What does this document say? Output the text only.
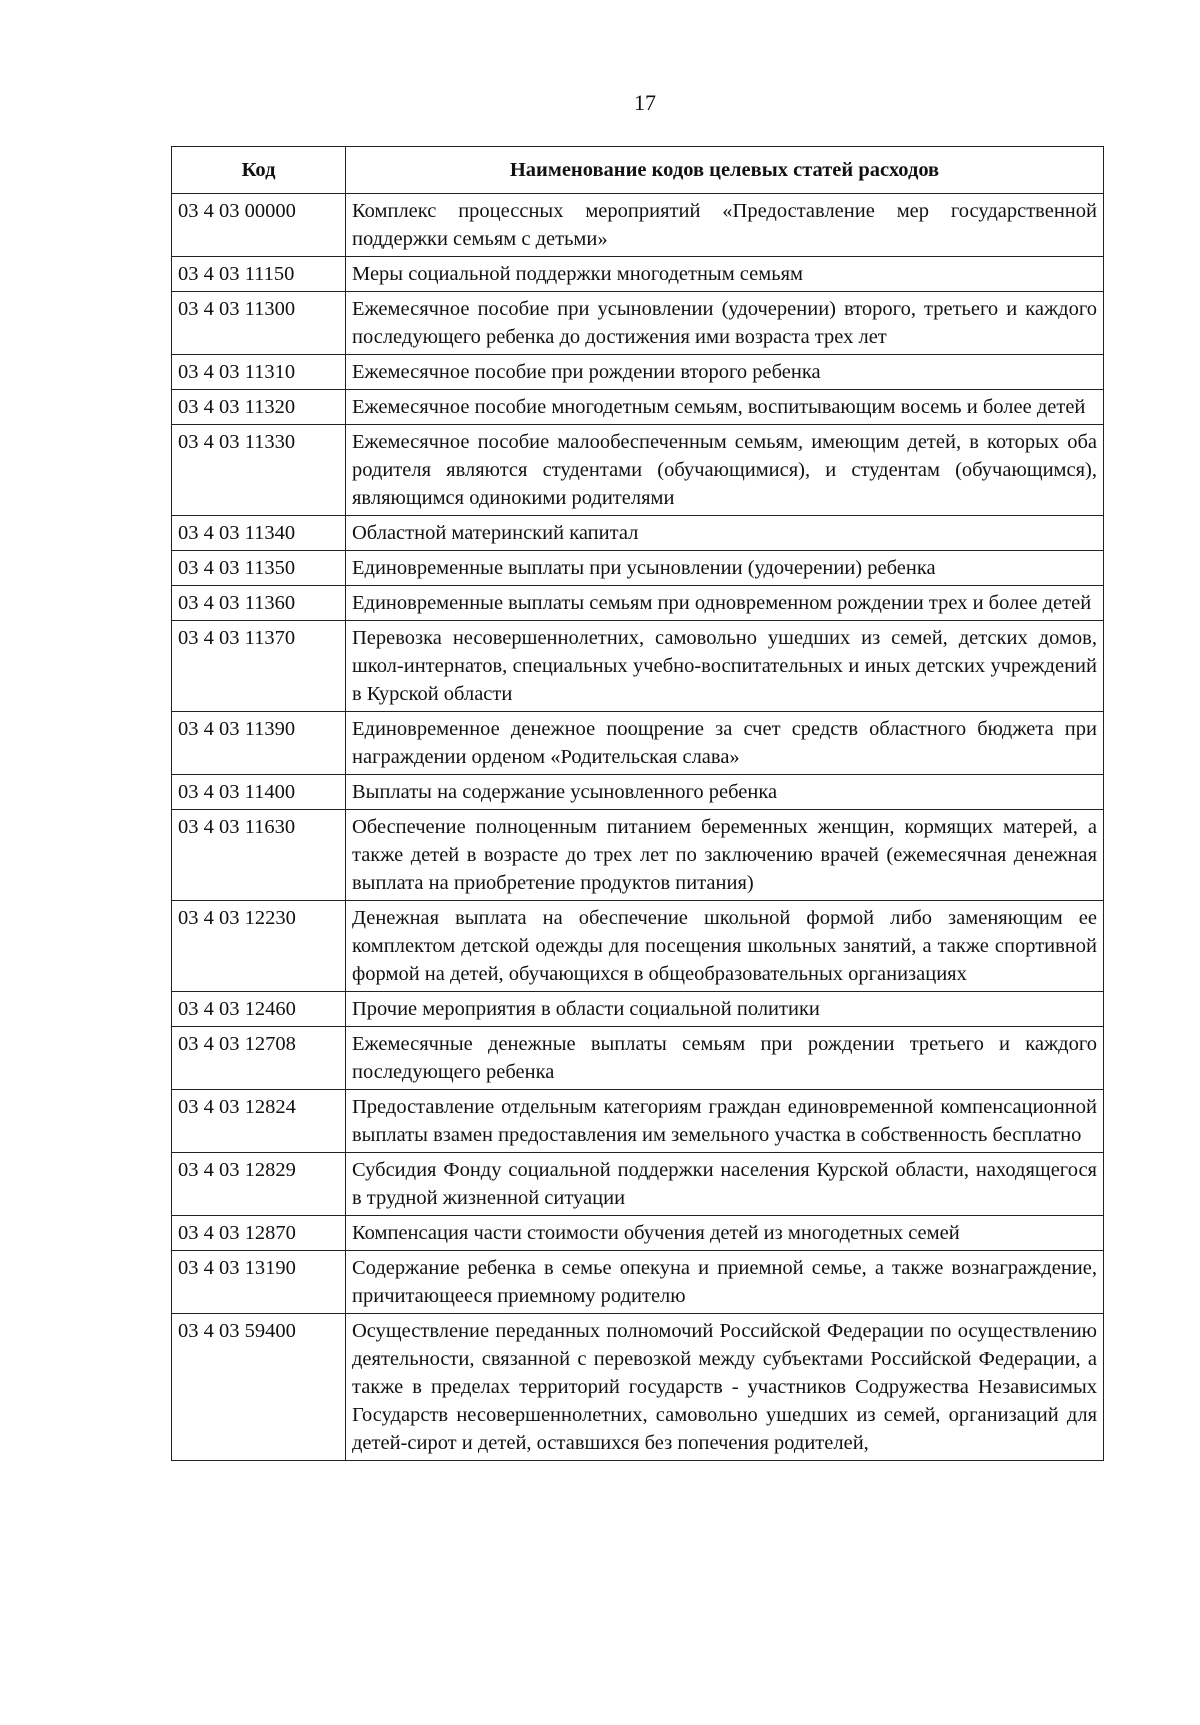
17
Код	Наименование кодов целевых статей расходов
03 4 03 00000	Комплекс процессных мероприятий «Предоставление мер государственной поддержки семьям с детьми»
03 4 03 11150	Меры социальной поддержки многодетным семьям
03 4 03 11300	Ежемесячное пособие при усыновлении (удочерении) второго, третьего и каждого последующего ребенка до достижения ими возраста трех лет
03 4 03 11310	Ежемесячное пособие при рождении второго ребенка
03 4 03 11320	Ежемесячное пособие многодетным семьям, воспитывающим восемь и более детей
03 4 03 11330	Ежемесячное пособие малообеспеченным семьям, имеющим детей, в которых оба родителя являются студентами (обучающимися), и студентам (обучающимся), являющимся одинокими родителями
03 4 03 11340	Областной материнский капитал
03 4 03 11350	Единовременные выплаты при усыновлении (удочерении) ребенка
03 4 03 11360	Единовременные выплаты семьям при одновременном рождении трех и более детей
03 4 03 11370	Перевозка несовершеннолетних, самовольно ушедших из семей, детских домов, школ-интернатов, специальных учебно-воспитательных и иных детских учреждений в Курской области
03 4 03 11390	Единовременное денежное поощрение за счет средств областного бюджета при награждении орденом «Родительская слава»
03 4 03 11400	Выплаты на содержание усыновленного ребенка
03 4 03 11630	Обеспечение полноценным питанием беременных женщин, кормящих матерей, а также детей в возрасте до трех лет по заключению врачей (ежемесячная денежная выплата на приобретение продуктов питания)
03 4 03 12230	Денежная выплата на обеспечение школьной формой либо заменяющим ее комплектом детской одежды для посещения школьных занятий, а также спортивной формой на детей, обучающихся в общеобразовательных организациях
03 4 03 12460	Прочие мероприятия в области социальной политики
03 4 03 12708	Ежемесячные денежные выплаты семьям при рождении третьего и каждого последующего ребенка
03 4 03 12824	Предоставление отдельным категориям граждан единовременной компенсационной выплаты взамен предоставления им земельного участка в собственность бесплатно
03 4 03 12829	Субсидия Фонду социальной поддержки населения Курской области, находящегося в трудной жизненной ситуации
03 4 03 12870	Компенсация части стоимости обучения детей из многодетных семей
03 4 03 13190	Содержание ребенка в семье опекуна и приемной семье, а также вознаграждение, причитающееся приемному родителю
03 4 03 59400	Осуществление переданных полномочий Российской Федерации по осуществлению деятельности, связанной с перевозкой между субъектами Российской Федерации, а также в пределах территорий государств - участников Содружества Независимых Государств несовершеннолетних, самовольно ушедших из семей, организаций для детей-сирот и детей, оставшихся без попечения родителей,
